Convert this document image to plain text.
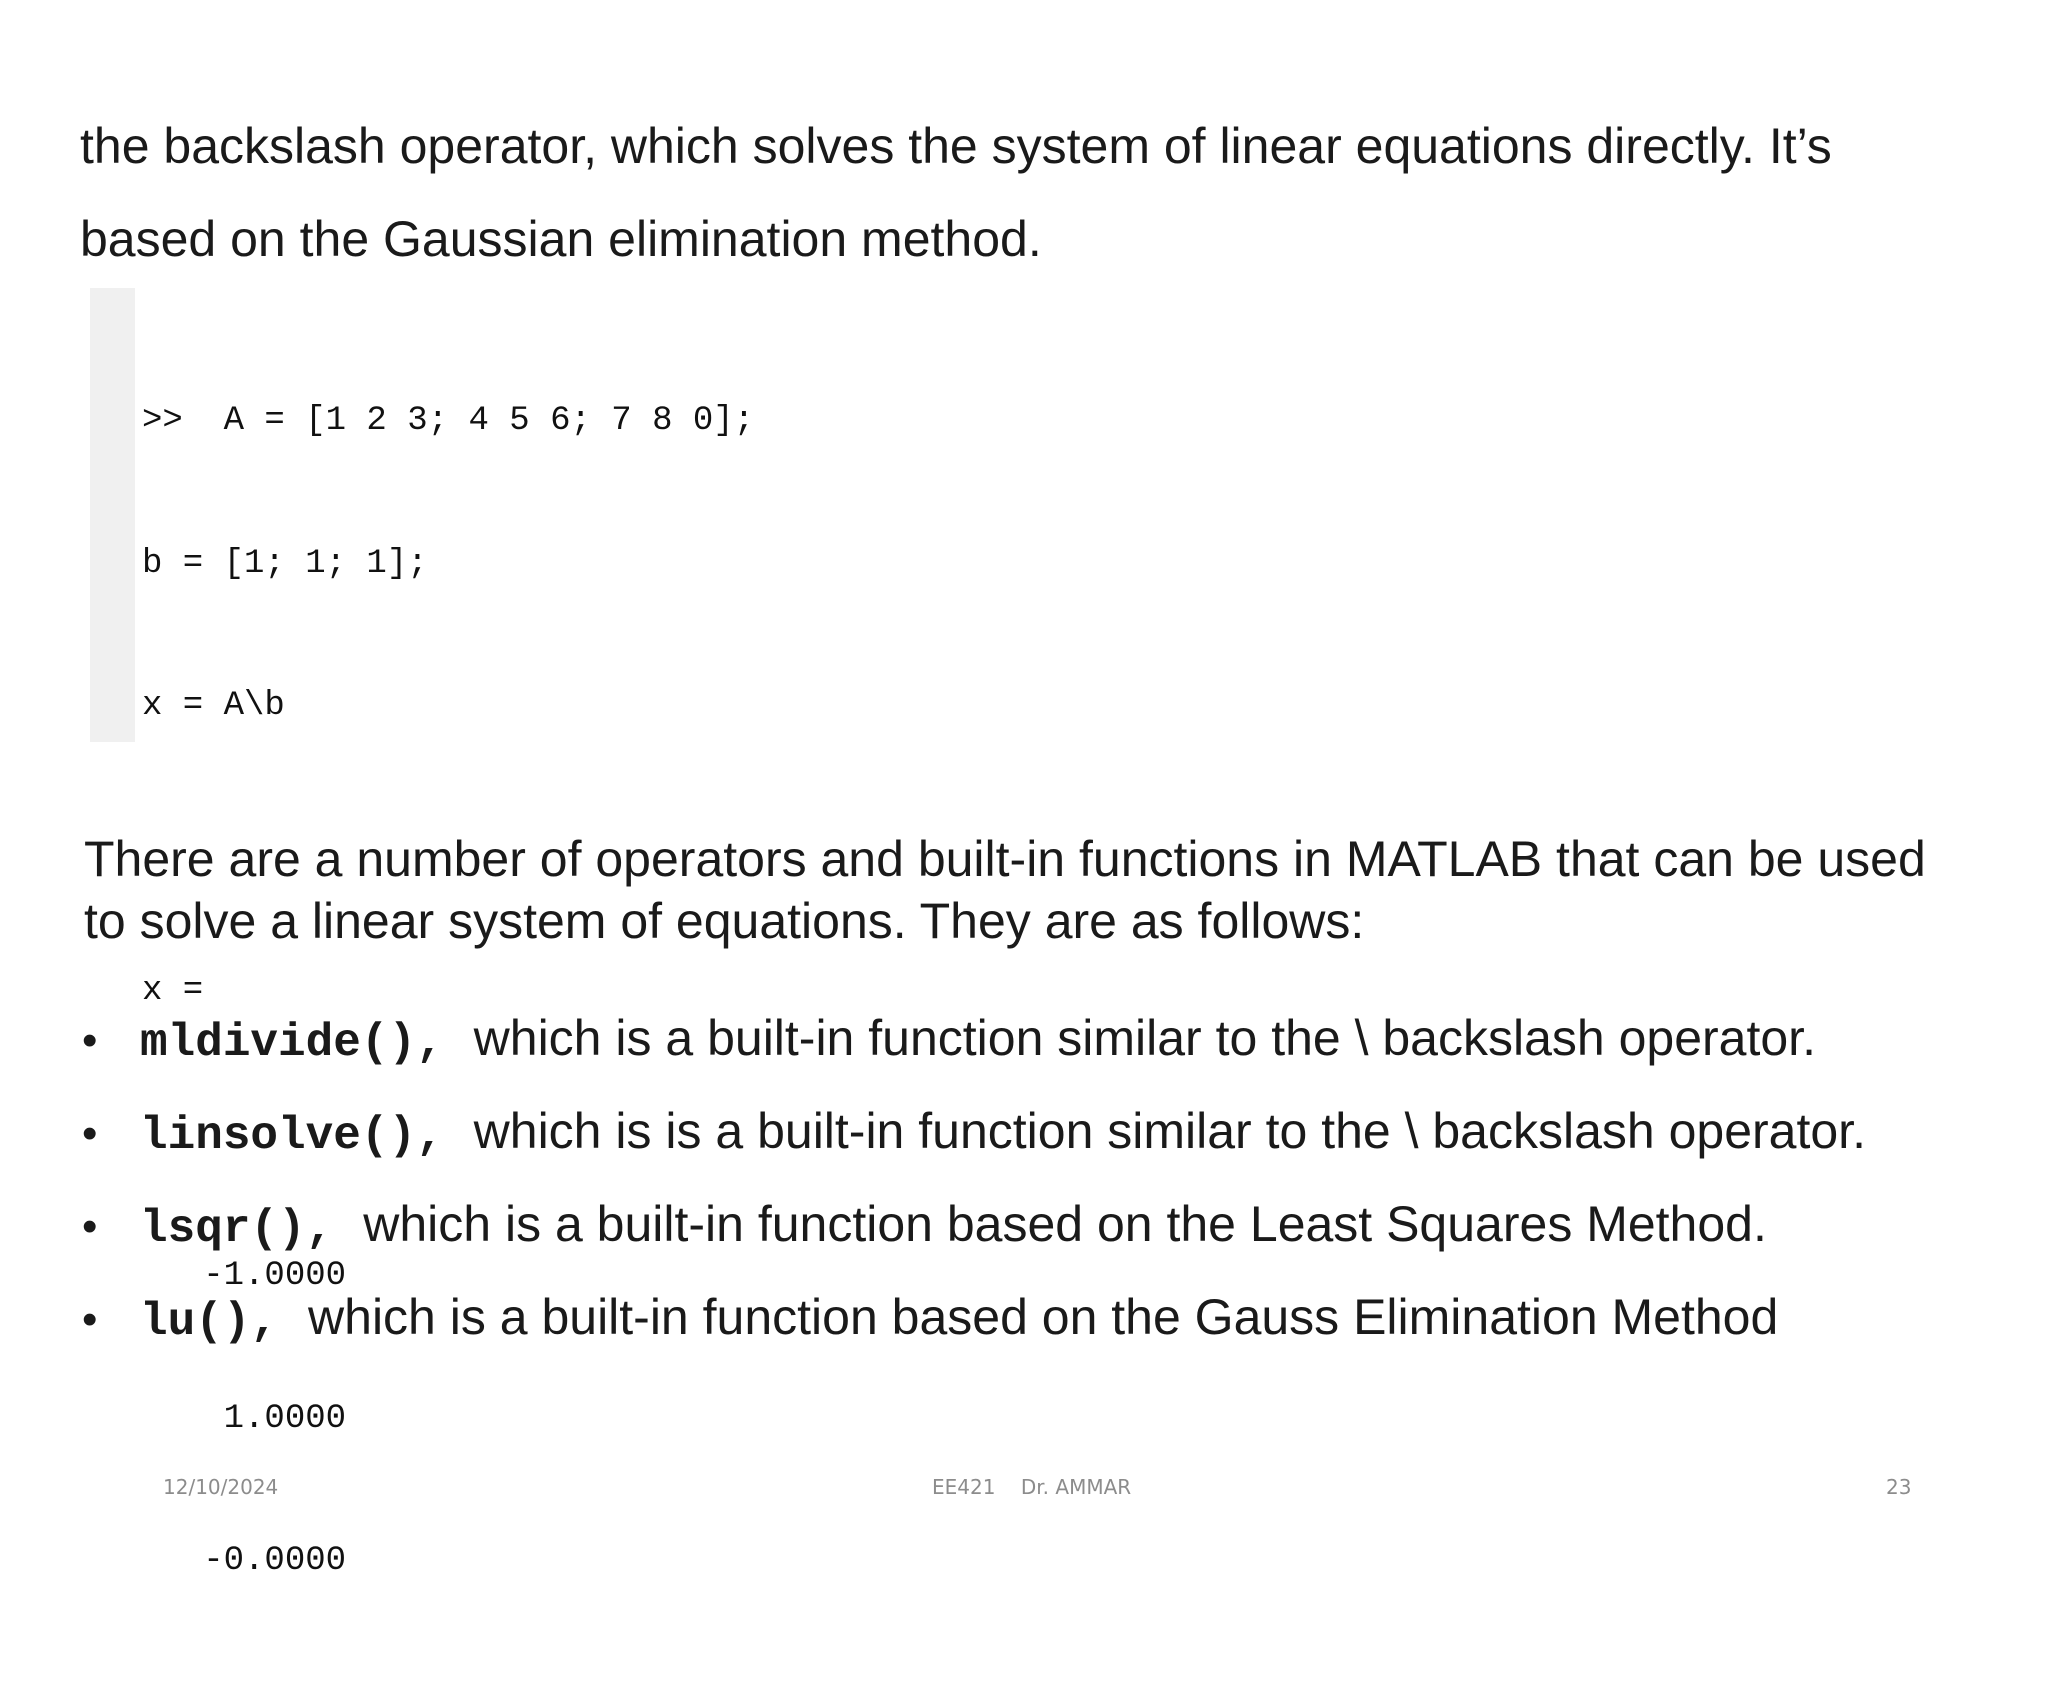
the backslash operator, which solves the system of linear equations directly. It’s

based on the Gaussian elimination method.

>>  A = [1 2 3; 4 5 6; 7 8 0];

b = [1; 1; 1];

x = A\b

x =

-1.0000

1.0000

-0.0000

There are a number of operators and built-in functions in MATLAB that can be used
to solve a linear system of equations. They are as follows:
• mldivide(), which is a built-in function similar to the \ backslash operator.
• linsolve(), which is is a built-in function similar to the \ backslash operator.
• lsqr(), which is a built-in function based on the Least Squares Method.
• lu(), which is a built-in function based on the Gauss Elimination Method
12/10/2024	EE421 Dr. AMMAR	23
